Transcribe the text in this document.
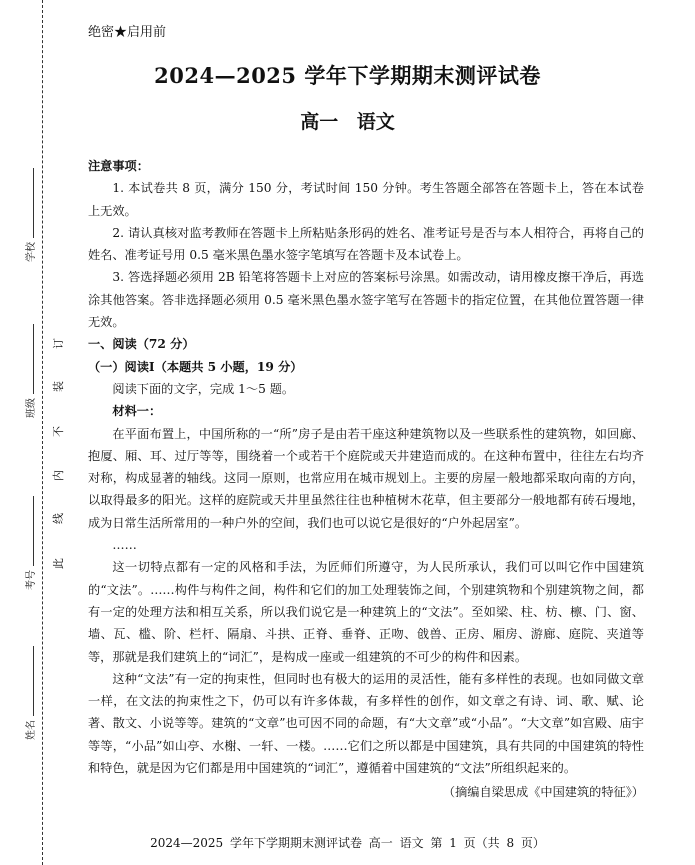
订
装
不
内
线
此
学校
班级
考号
姓名
绝密★启用前
2024—2025 学年下学期期末测评试卷
高一 语文

注意事项：

1. 本试卷共 8 页，满分 150 分，考试时间 150 分钟。考生答题全部答在答题卡上，答在本试卷上无效。

2. 请认真核对监考教师在答题卡上所粘贴条形码的姓名、准考证号是否与本人相符合，再将自己的姓名、准考证号用 0.5 毫米黑色墨水签字笔填写在答题卡及本试卷上。

3. 答选择题必须用 2B 铅笔将答题卡上对应的答案标号涂黑。如需改动，请用橡皮擦干净后，再选涂其他答案。答非选择题必须用 0.5 毫米黑色墨水签字笔写在答题卡的指定位置，在其他位置答题一律无效。

一、阅读（72 分）

（一）阅读Ⅰ（本题共 5 小题，19 分）

阅读下面的文字，完成 1～5 题。

材料一：

在平面布置上，中国所称的一“所”房子是由若干座这种建筑物以及一些联系性的建筑物，如回廊、抱厦、厢、耳、过厅等等，围绕着一个或若干个庭院或天井建造而成的。在这种布置中，往往左右均齐对称，构成显著的轴线。这同一原则，也常应用在城市规划上。主要的房屋一般地都采取向南的方向，以取得最多的阳光。这样的庭院或天井里虽然往往也种植树木花草，但主要部分一般地都有砖石墁地，成为日常生活所常用的一种户外的空间，我们也可以说它是很好的“户外起居室”。

……

这一切特点都有一定的风格和手法，为匠师们所遵守，为人民所承认，我们可以叫它作中国建筑的“文法”。……构件与构件之间，构件和它们的加工处理装饰之间，个别建筑物和个别建筑物之间，都有一定的处理方法和相互关系，所以我们说它是一种建筑上的“文法”。至如梁、柱、枋、檩、门、窗、墙、瓦、槛、阶、栏杆、隔扇、斗拱、正脊、垂脊、正吻、戗兽、正房、厢房、游廊、庭院、夹道等等，那就是我们建筑上的“词汇”，是构成一座或一组建筑的不可少的构件和因素。

这种“文法”有一定的拘束性，但同时也有极大的运用的灵活性，能有多样性的表现。也如同做文章一样，在文法的拘束性之下，仍可以有许多体裁，有多样性的创作，如文章之有诗、词、歌、赋、论著、散文、小说等等。建筑的“文章”也可因不同的命题，有“大文章”或“小品”。“大文章”如宫殿、庙宇等等，“小品”如山亭、水榭、一轩、一楼。……它们之所以都是中国建筑，具有共同的中国建筑的特性和特色，就是因为它们都是用中国建筑的“词汇”，遵循着中国建筑的“文法”所组织起来的。

（摘编自梁思成《中国建筑的特征》）

2024—2025 学年下学期期末测评试卷 高一 语文 第 1 页（共 8 页）
